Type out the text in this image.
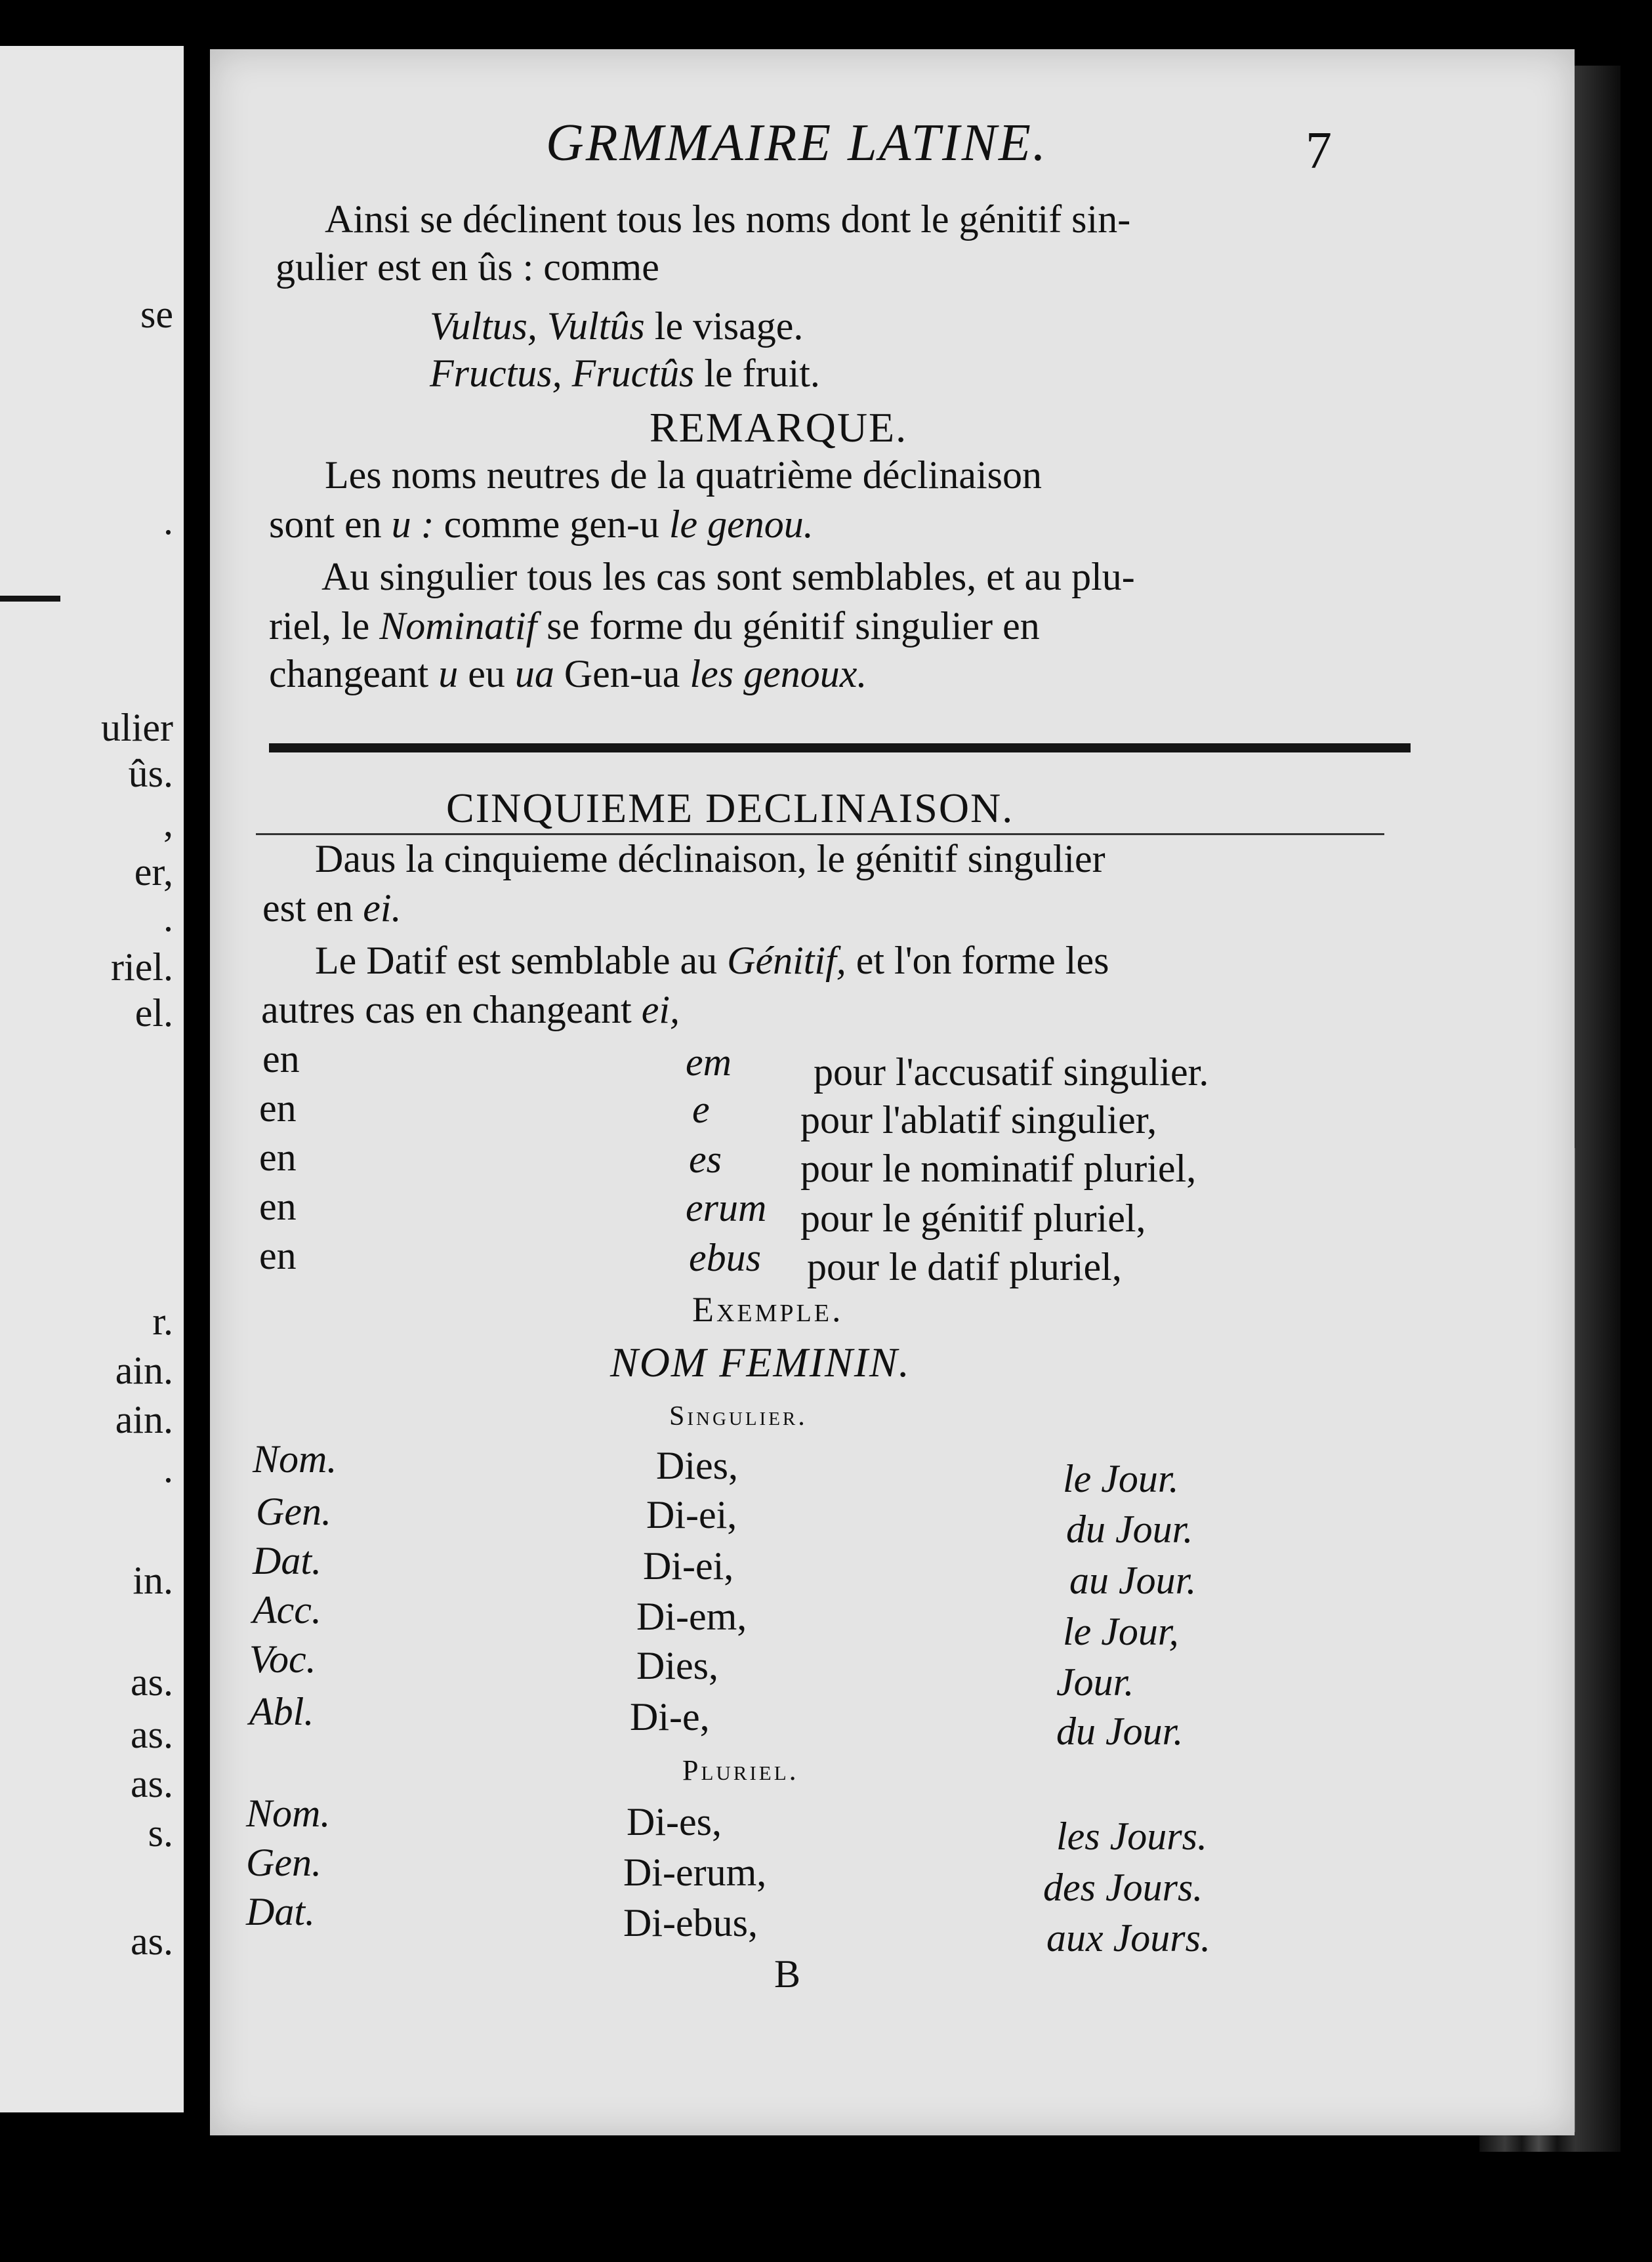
se
.
ulier
ûs.
,
er,
.
riel.
el.
r.
ain.
ain.
.
in.
as.
as.
as.
s.
as.
GRMMAIRE LATINE.	7
Ainsi se déclinent tous les noms dont le génitif sin-
gulier est en ûs : comme
Vultus, Vultûs le visage.
Fructus, Fructûs le fruit.
REMARQUE.
Les noms neutres de la quatrième déclinaison
sont en u : comme gen-u le genou.
Au singulier tous les cas sont semblables, et au plu-
riel, le Nominatif se forme du génitif singulier en
changeant u eu ua Gen-ua les genoux.
CINQUIEME DECLINAISON.
Daus la cinquieme déclinaison, le génitif singulier
est en ei.
Le Datif est semblable au Génitif, et l'on forme les
autres cas en changeant ei,
en	em pour l'accusatif singulier.
en	e pour l'ablatif singulier,
en	es pour le nominatif pluriel,
en	erum pour le génitif pluriel,
en	ebus pour le datif pluriel,
Exemple.
NOM FEMININ.
Singulier.
Nom.	Dies,	le Jour.
Gen.	Di-ei,	du Jour.
Dat.	Di-ei,	au Jour.
Acc.	Di-em,	le Jour,
Voc.	Dies,	Jour.
Abl.	Di-e,	du Jour.
Pluriel.
Nom.	Di-es,	les Jours.
Gen.	Di-erum,	des Jours.
Dat.	Di-ebus,	aux Jours.
B
